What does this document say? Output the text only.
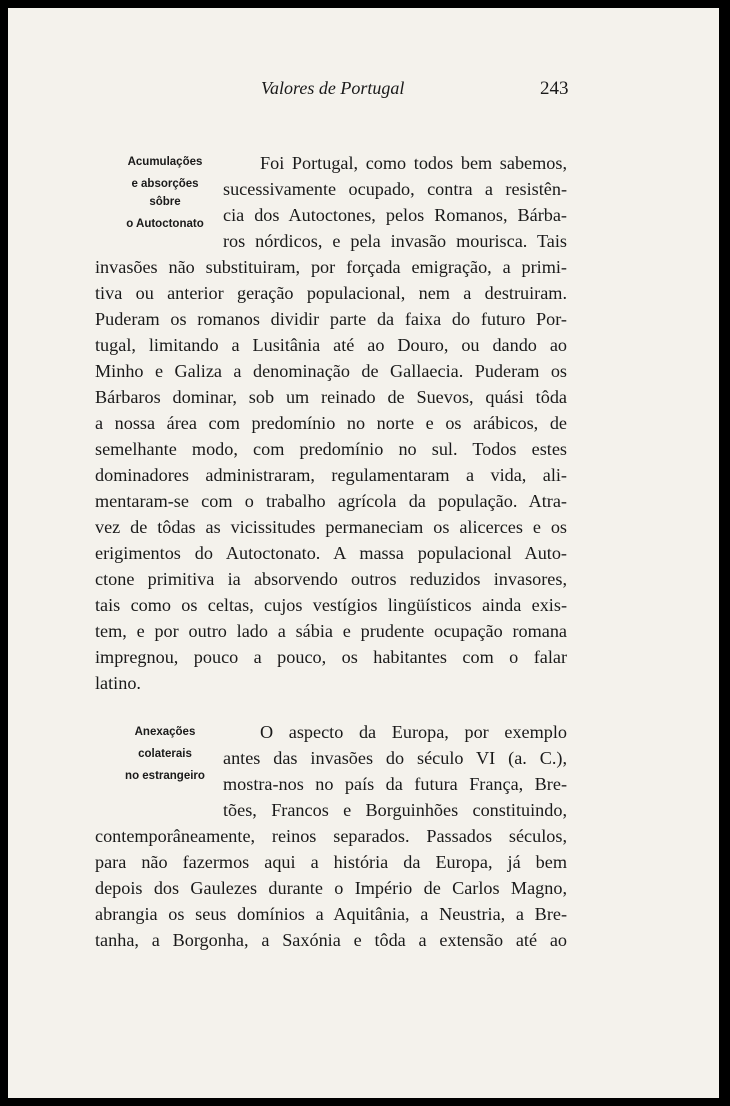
Valores de Portugal	243
Acumulações
e absorções
sôbre
o Autoctonato
Foi Portugal, como todos bem sabemos,
sucessivamente ocupado, contra a resistên-
cia dos Autoctones, pelos Romanos, Bárba-
ros nórdicos, e pela invasão mourisca. Tais
invasões não substituiram, por forçada emigração, a primi-
tiva ou anterior geração populacional, nem a destruiram.
Puderam os romanos dividir parte da faixa do futuro Por-
tugal, limitando a Lusitânia até ao Douro, ou dando ao
Minho e Galiza a denominação de Gallaecia. Puderam os
Bárbaros dominar, sob um reinado de Suevos, quási tôda
a nossa área com predomínio no norte e os arábicos, de
semelhante modo, com predomínio no sul. Todos estes
dominadores administraram, regulamentaram a vida, ali-
mentaram-se com o trabalho agrícola da população. Atra-
vez de tôdas as vicissitudes permaneciam os alicerces e os
erigimentos do Autoctonato. A massa populacional Auto-
ctone primitiva ia absorvendo outros reduzidos invasores,
tais como os celtas, cujos vestígios lingüísticos ainda exis-
tem, e por outro lado a sábia e prudente ocupação romana
impregnou, pouco a pouco, os habitantes com o falar
latino.
Anexações
colaterais
no estrangeiro
O aspecto da Europa, por exemplo
antes das invasões do século VI (a. C.),
mostra-nos no país da futura França, Bre-
tões, Francos e Borguinhões constituindo,
contemporâneamente, reinos separados. Passados séculos,
para não fazermos aqui a história da Europa, já bem
depois dos Gaulezes durante o Império de Carlos Magno,
abrangia os seus domínios a Aquitânia, a Neustria, a Bre-
tanha, a Borgonha, a Saxónia e tôda a extensão até ao
